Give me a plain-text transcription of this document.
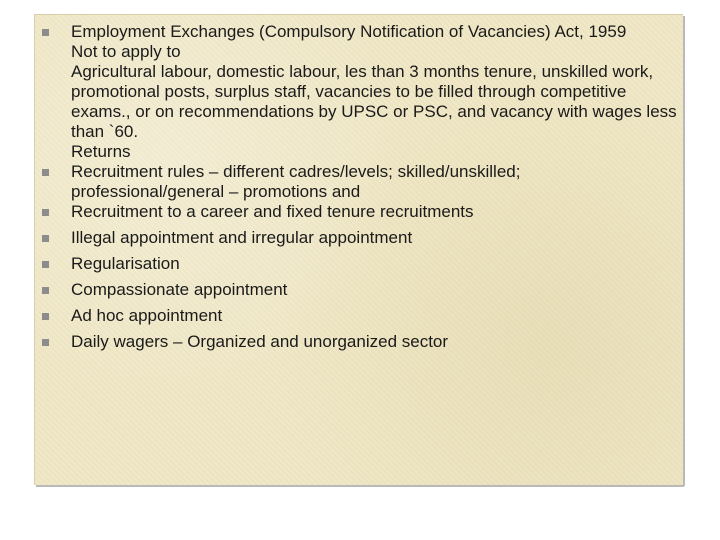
Employment Exchanges (Compulsory Notification of Vacancies) Act, 1959
Not to apply to
Agricultural labour, domestic labour, les than 3 months tenure, unskilled work, promotional posts, surplus staff, vacancies to be filled through competitive exams., or on recommendations by UPSC or PSC, and vacancy with wages less than `60.
Returns
Recruitment rules – different cadres/levels; skilled/unskilled; professional/general – promotions and
Recruitment to a career and fixed tenure recruitments
Illegal appointment and irregular appointment
Regularisation
Compassionate appointment
Ad hoc appointment
Daily wagers – Organized and unorganized sector
